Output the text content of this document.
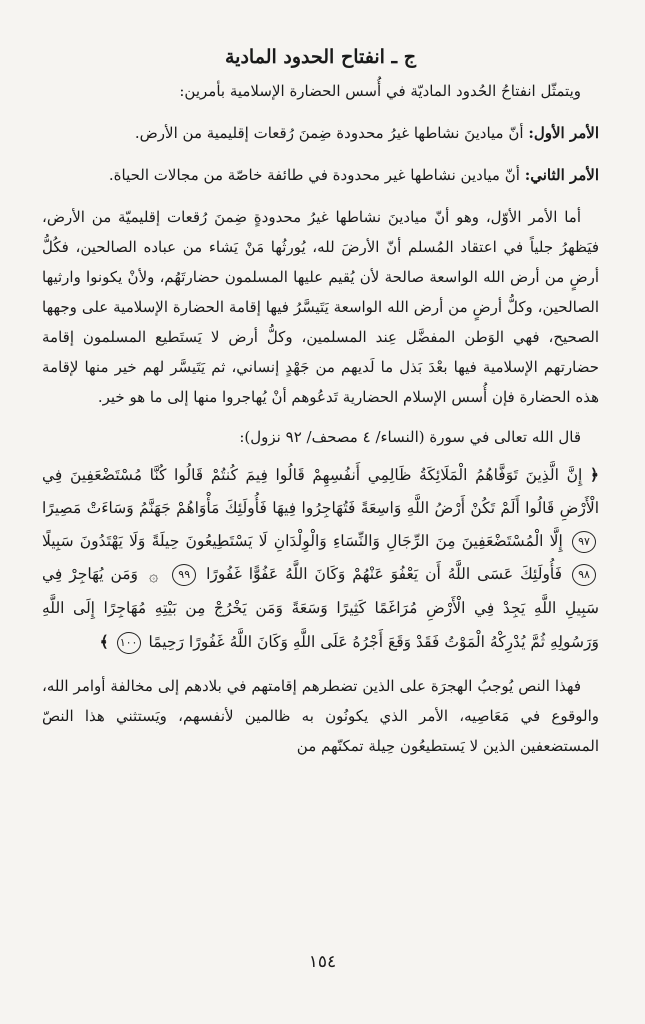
ج ـ انفتاح الحدود المادية

ويتمثّل انفتاحُ الحُدود الماديّة في أُسس الحضارة الإسلامية بأمرين:

الأمر الأول: أنّ ميادينَ نشاطها غيرُ محدودة ضِمنَ رُقعات إقليمية من الأرض.

الأمر الثاني: أنّ ميادين نشاطها غير محدودة في طائفة خاصّة من مجالات الحياة.

أما الأمر الأوّل، وهو أنّ ميادينَ نشاطها غيرُ محدودةٍ ضِمنَ رُقعات إقليميّة من الأرض، فيَظهرُ جلياً في اعتقاد المُسلم أنّ الأرضَ لله، يُورثُها مَنْ يَشاء من عباده الصالحين، فكُلُّ أرضٍ من أرض الله الواسعة صالحة لأن يُقيم عليها المسلمون حضارتَهُم، ولأنْ يكونوا وارثيها الصالحين، وكلُّ أرضٍ من أرض الله الواسعة يَتَيسَّرُ فيها إقامة الحضارة الإسلامية على وجهها الصحيح، فهي الوَطن المفضَّل عِند المسلمين، وكلُّ أرض لا يَستَطيع المسلمون إقامة حضارتهم الإسلامية فيها بعْدَ بَذل ما لَديهم من جَهْدٍ إنساني، ثم يَتَيسَّر لهم خير منها لإقامة هذه الحضارة فإن أُسس الإسلام الحضارية تَدعُوهم أنْ يُهاجروا منها إلى ما هو خير.

قال الله تعالى في سورة (النساء/ ٤ مصحف/ ٩٢ نزول):

﴿ إِنَّ الَّذِينَ تَوَفَّاهُمُ الْمَلَائِكَةُ ظَالِمِي أَنفُسِهِمْ قَالُوا فِيمَ كُنتُمْ قَالُوا كُنَّا مُسْتَضْعَفِينَ فِي الْأَرْضِ قَالُوا أَلَمْ تَكُنْ أَرْضُ اللَّهِ وَاسِعَةً فَتُهَاجِرُوا فِيهَا فَأُولَئِكَ مَأْوَاهُمْ جَهَنَّمُ وَسَاءَتْ مَصِيرًا ٩٧ إِلَّا الْمُسْتَضْعَفِينَ مِنَ الرِّجَالِ وَالنِّسَاءِ وَالْوِلْدَانِ لَا يَسْتَطِيعُونَ حِيلَةً وَلَا يَهْتَدُونَ سَبِيلًا ٩٨ فَأُولَئِكَ عَسَى اللَّهُ أَن يَعْفُوَ عَنْهُمْ وَكَانَ اللَّهُ عَفُوًّا غَفُورًا ٩٩ ۞ وَمَن يُهَاجِرْ فِي سَبِيلِ اللَّهِ يَجِدْ فِي الْأَرْضِ مُرَاغَمًا كَثِيرًا وَسَعَةً وَمَن يَخْرُجْ مِن بَيْتِهِ مُهَاجِرًا إِلَى اللَّهِ وَرَسُولِهِ ثُمَّ يُدْرِكْهُ الْمَوْتُ فَقَدْ وَقَعَ أَجْرُهُ عَلَى اللَّهِ وَكَانَ اللَّهُ غَفُورًا رَحِيمًا ١٠٠ ﴾

فهذا النص يُوجبُ الهجرَة على الذين تضطرهم إقامتهم في بلادهم إلى مخالفة أوامر الله، والوقوع في مَعَاصِيه، الأمر الذي يكونُون به ظالمين لأنفسهم، ويَستثني هذا النصّ المستضعفين الذين لا يَستطيعُون حِيلة تمكنّهم من

١٥٤
